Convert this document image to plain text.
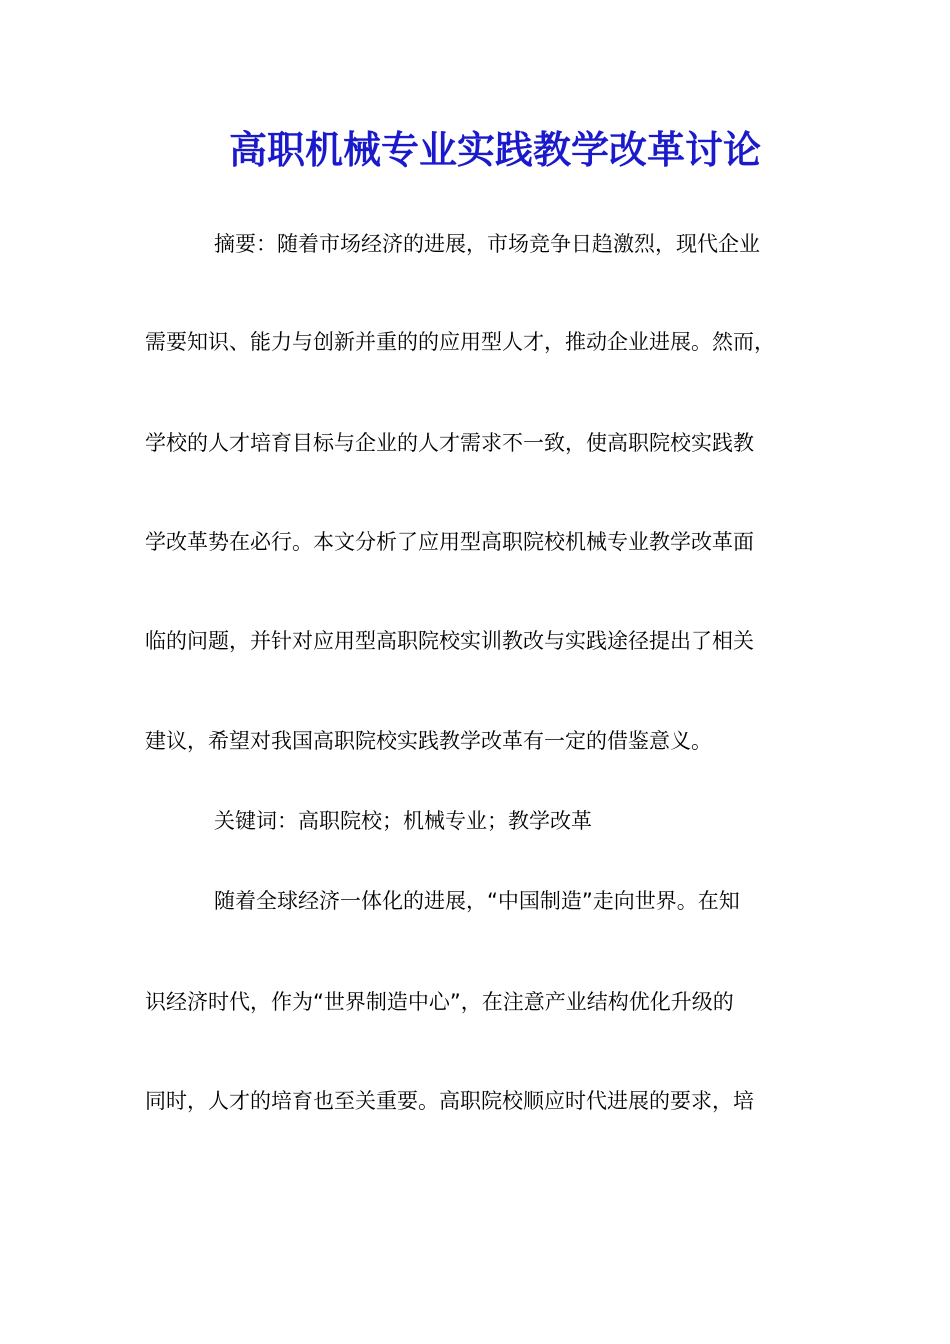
高职机械专业实践教学改革讨论
摘要：随着市场经济的进展，市场竞争日趋激烈，现代企业
需要知识、能力与创新并重的的应用型人才，推动企业进展。然而，
学校的人才培育目标与企业的人才需求不一致，使高职院校实践教
学改革势在必行。本文分析了应用型高职院校机械专业教学改革面
临的问题，并针对应用型高职院校实训教改与实践途径提出了相关
建议，希望对我国高职院校实践教学改革有一定的借鉴意义。
关键词：高职院校；机械专业；教学改革
随着全球经济一体化的进展，“中国制造”走向世界。在知
识经济时代，作为“世界制造中心”，在注意产业结构优化升级的
同时，人才的培育也至关重要。高职院校顺应时代进展的要求，培
